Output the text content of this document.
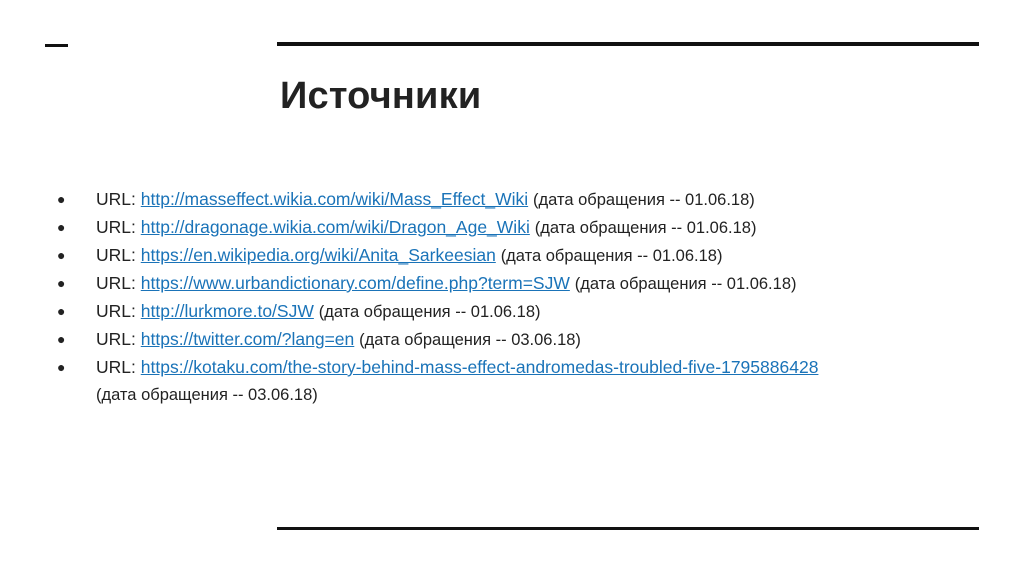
Источники
● URL: http://masseffect.wikia.com/wiki/Mass_Effect_Wiki (дата обращения -- 01.06.18)
● URL: http://dragonage.wikia.com/wiki/Dragon_Age_Wiki (дата обращения -- 01.06.18)
● URL: https://en.wikipedia.org/wiki/Anita_Sarkeesian (дата обращения -- 01.06.18)
● URL: https://www.urbandictionary.com/define.php?term=SJW (дата обращения -- 01.06.18)
● URL: http://lurkmore.to/SJW (дата обращения -- 01.06.18)
● URL: https://twitter.com/?lang=en (дата обращения -- 03.06.18)
● URL: https://kotaku.com/the-story-behind-mass-effect-andromedas-troubled-five-1795886428
(дата обращения -- 03.06.18)
